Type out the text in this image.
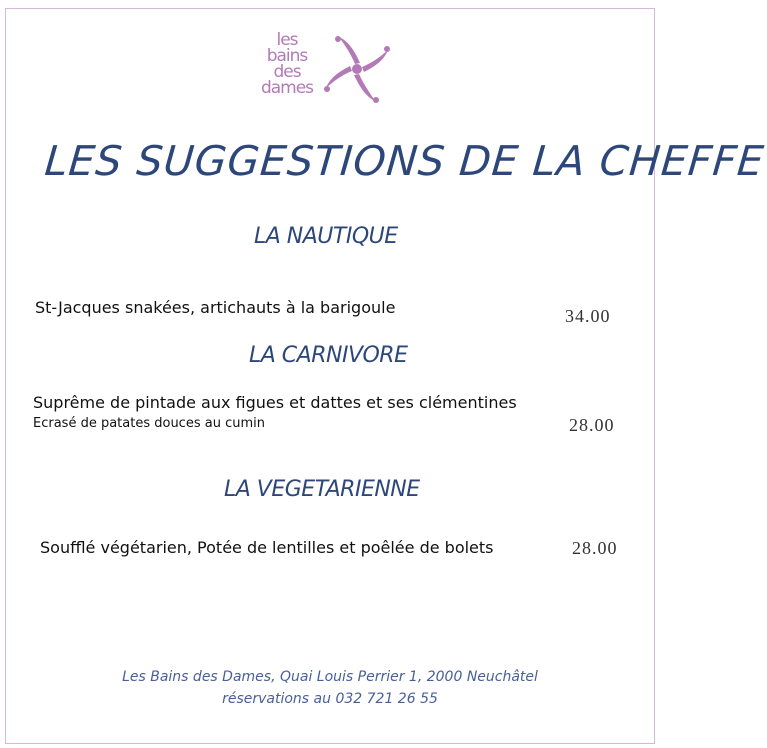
les
bains
des
dames
LES SUGGESTIONS DE LA CHEFFE
LA NAUTIQUE
St-Jacques snakées, artichauts à la barigoule	34.00
LA CARNIVORE
Suprême de pintade aux figues et dattes et ses clémentines
Ecrasé de patates douces au cumin	28.00
LA VEGETARIENNE
Soufflé végétarien, Potée de lentilles et poêlée de bolets	28.00
Les Bains des Dames, Quai Louis Perrier 1, 2000 Neuchâtel
réservations au 032 721 26 55
